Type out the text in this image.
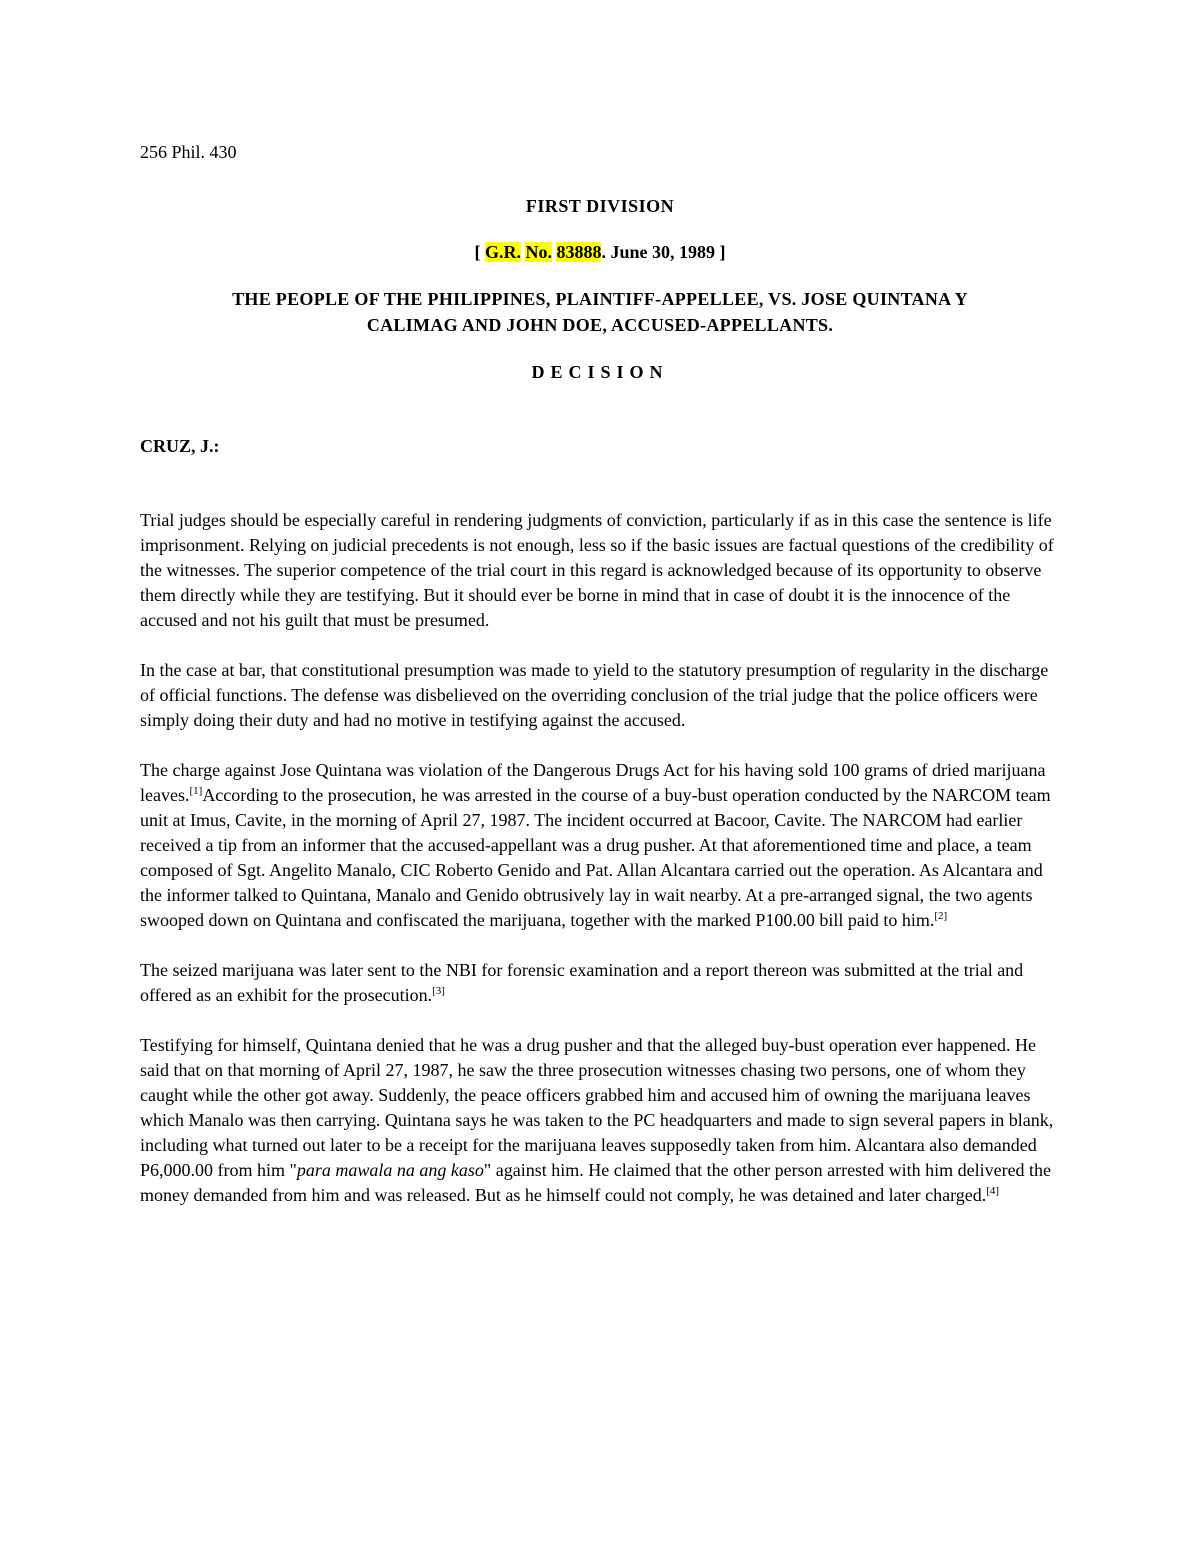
256 Phil. 430
FIRST DIVISION
[ G.R. No. 83888. June 30, 1989 ]
THE PEOPLE OF THE PHILIPPINES, PLAINTIFF-APPELLEE, VS. JOSE QUINTANA Y
CALIMAG AND JOHN DOE, ACCUSED-APPELLANTS.
DECISION
CRUZ, J.:

Trial judges should be especially careful in rendering judgments of conviction, particularly if as in this case the sentence is life imprisonment. Relying on judicial precedents is not enough, less so if the basic issues are factual questions of the credibility of the witnesses. The superior competence of the trial court in this regard is acknowledged because of its opportunity to observe them directly while they are testifying. But it should ever be borne in mind that in case of doubt it is the innocence of the accused and not his guilt that must be presumed.

In the case at bar, that constitutional presumption was made to yield to the statutory presumption of regularity in the discharge of official functions. The defense was disbelieved on the overriding conclusion of the trial judge that the police officers were simply doing their duty and had no motive in testifying against the accused.

The charge against Jose Quintana was violation of the Dangerous Drugs Act for his having sold 100 grams of dried marijuana leaves.[1]According to the prosecution, he was arrested in the course of a buy-bust operation conducted by the NARCOM team unit at Imus, Cavite, in the morning of April 27, 1987. The incident occurred at Bacoor, Cavite. The NARCOM had earlier received a tip from an informer that the accused-appellant was a drug pusher. At that aforementioned time and place, a team composed of Sgt. Angelito Manalo, CIC Roberto Genido and Pat. Allan Alcantara carried out the operation. As Alcantara and the informer talked to Quintana, Manalo and Genido obtrusively lay in wait nearby. At a pre-arranged signal, the two agents swooped down on Quintana and confiscated the marijuana, together with the marked P100.00 bill paid to him.[2]

The seized marijuana was later sent to the NBI for forensic examination and a report thereon was submitted at the trial and offered as an exhibit for the prosecution.[3]

Testifying for himself, Quintana denied that he was a drug pusher and that the alleged buy-bust operation ever happened. He said that on that morning of April 27, 1987, he saw the three prosecution witnesses chasing two persons, one of whom they caught while the other got away. Suddenly, the peace officers grabbed him and accused him of owning the marijuana leaves which Manalo was then carrying. Quintana says he was taken to the PC headquarters and made to sign several papers in blank, including what turned out later to be a receipt for the marijuana leaves supposedly taken from him. Alcantara also demanded P6,000.00 from him "para mawala na ang kaso" against him. He claimed that the other person arrested with him delivered the money demanded from him and was released. But as he himself could not comply, he was detained and later charged.[4]
